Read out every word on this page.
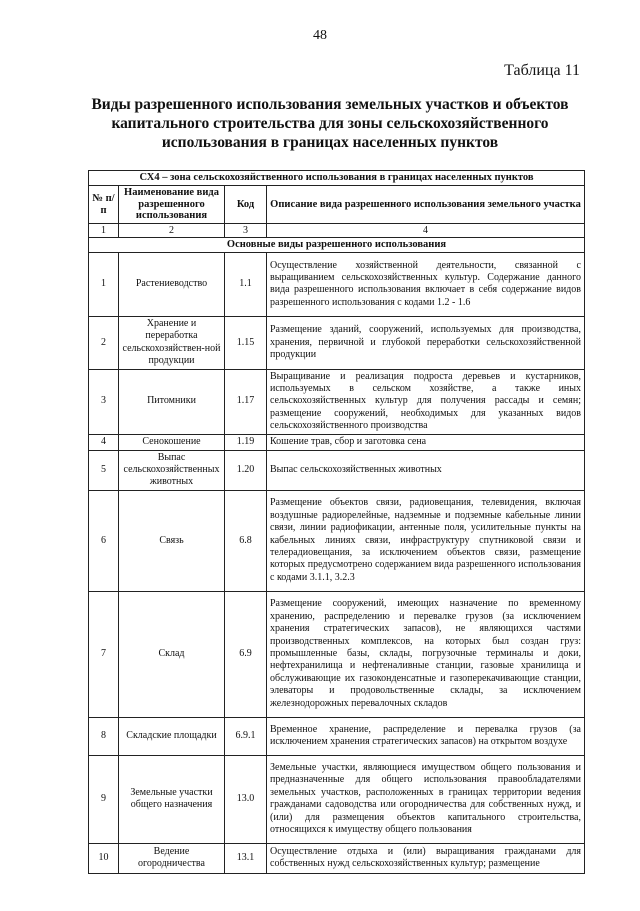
48
Таблица 11
Виды разрешенного использования земельных участков и объектов капитального строительства для зоны сельскохозяйственного использования в границах населенных пунктов
СХ4 – зона сельскохозяйственного использования в границах населенных пунктов			
№ п/п	Наименование вида разрешенного использования	Код	Описание вида разрешенного использования земельного участка
1	2	3	4
Основные виды разрешенного использования			
1	Растениеводство	1.1	Осуществление хозяйственной деятельности, связанной с выращиванием сельскохозяйственных культур. Содержание данного вида разрешенного использования включает в себя содержание видов разрешенного использования с кодами 1.2 - 1.6
2	Хранение и переработка сельскохозяйствен-ной продукции	1.15	Размещение зданий, сооружений, используемых для производства, хранения, первичной и глубокой переработки сельскохозяйственной продукции
3	Питомники	1.17	Выращивание и реализация подроста деревьев и кустарников, используемых в сельском хозяйстве, а также иных сельскохозяйственных культур для получения рассады и семян; размещение сооружений, необходимых для указанных видов сельскохозяйственного производства
4	Сенокошение	1.19	Кошение трав, сбор и заготовка сена
5	Выпас сельскохозяйственных животных	1.20	Выпас сельскохозяйственных животных
6	Связь	6.8	Размещение объектов связи, радиовещания, телевидения, включая воздушные радиорелейные, надземные и подземные кабельные линии связи, линии радиофикации, антенные поля, усилительные пункты на кабельных линиях связи, инфраструктуру спутниковой связи и телерадиовещания, за исключением объектов связи, размещение которых предусмотрено содержанием вида разрешенного использования с кодами 3.1.1, 3.2.3
7	Склад	6.9	Размещение сооружений, имеющих назначение по временному хранению, распределению и перевалке грузов (за исключением хранения стратегических запасов), не являющихся частями производственных комплексов, на которых был создан груз: промышленные базы, склады, погрузочные терминалы и доки, нефтехранилища и нефтеналивные станции, газовые хранилища и обслуживающие их газоконденсатные и газоперекачивающие станции, элеваторы и продовольственные склады, за исключением железнодорожных перевалочных складов
8	Складские площадки	6.9.1	Временное хранение, распределение и перевалка грузов (за исключением хранения стратегических запасов) на открытом воздухе
9	Земельные участки общего назначения	13.0	Земельные участки, являющиеся имуществом общего пользования и предназначенные для общего использования правообладателями земельных участков, расположенных в границах территории ведения гражданами садоводства или огородничества для собственных нужд, и (или) для размещения объектов капитального строительства, относящихся к имуществу общего пользования
10	Ведение огородничества	13.1	Осуществление отдыха и (или) выращивания гражданами для собственных нужд сельскохозяйственных культур; размещение
